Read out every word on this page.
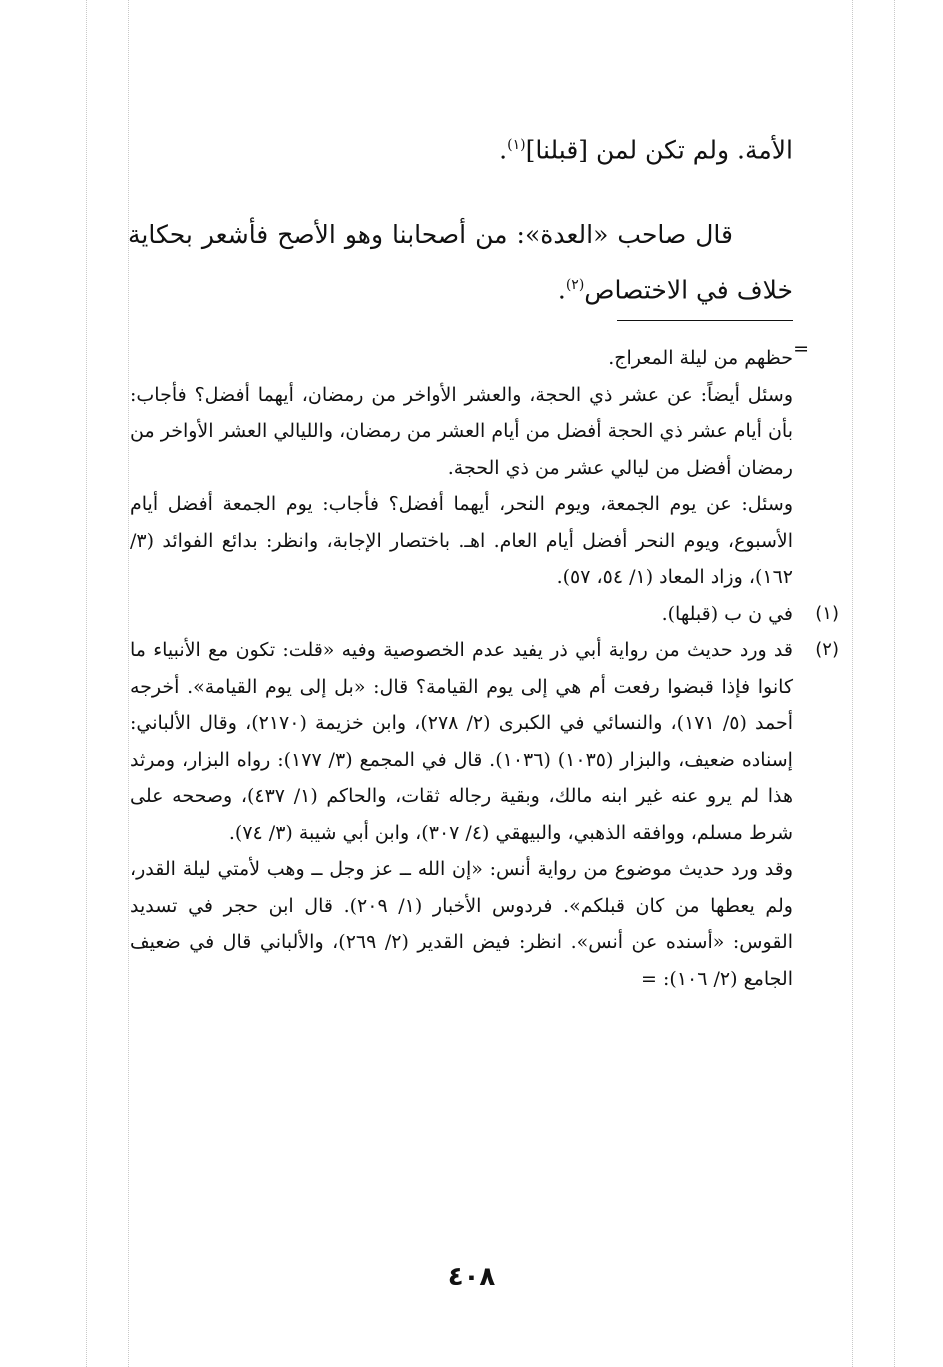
الأمة. ولم تكن لمن [قبلنا]$^{(١)}$.

قال صاحب «العدة»: من أصحابنا وهو الأصح فأشعر بحكاية خلاف في الاختصاص$^{(٢)}$.

=

حظهم من ليلة المعراج.

وسئل أيضاً: عن عشر ذي الحجة، والعشر الأواخر من رمضان، أيهما أفضل؟ فأجاب: بأن أيام عشر ذي الحجة أفضل من أيام العشر من رمضان، والليالي العشر الأواخر من رمضان أفضل من ليالي عشر من ذي الحجة.

وسئل: عن يوم الجمعة، ويوم النحر، أيهما أفضل؟ فأجاب: يوم الجمعة أفضل أيام الأسبوع، ويوم النحر أفضل أيام العام. اهـ. باختصار الإجابة، وانظر: بدائع الفوائد (٣/ ١٦٢)، وزاد المعاد (١/ ٥٤، ٥٧).

(١)

في ن ب (قبلها).

(٢)

قد ورد حديث من رواية أبي ذر يفيد عدم الخصوصية وفيه «قلت: تكون مع الأنبياء ما كانوا فإذا قبضوا رفعت أم هي إلى يوم القيامة؟ قال: «بل إلى يوم القيامة». أخرجه أحمد (٥/ ١٧١)، والنسائي في الكبرى (٢/ ٢٧٨)، وابن خزيمة (٢١٧٠)، وقال الألباني: إسناده ضعيف، والبزار (١٠٣٥) (١٠٣٦). قال في المجمع (٣/ ١٧٧): رواه البزار، ومرثد هذا لم يرو عنه غير ابنه مالك، وبقية رجاله ثقات، والحاكم (١/ ٤٣٧)، وصححه على شرط مسلم، ووافقه الذهبي، والبيهقي (٤/ ٣٠٧)، وابن أبي شيبة (٣/ ٧٤).

وقد ورد حديث موضوع من رواية أنس: «إن الله ــ عز وجل ــ وهب لأمتي ليلة القدر، ولم يعطها من كان قبلكم». فردوس الأخبار (١/ ٢٠٩). قال ابن حجر في تسديد القوس: «أسنده عن أنس». انظر: فيض القدير (٢/ ٢٦٩)، والألباني قال في ضعيف الجامع (٢/ ١٠٦): =

٤٠٨
